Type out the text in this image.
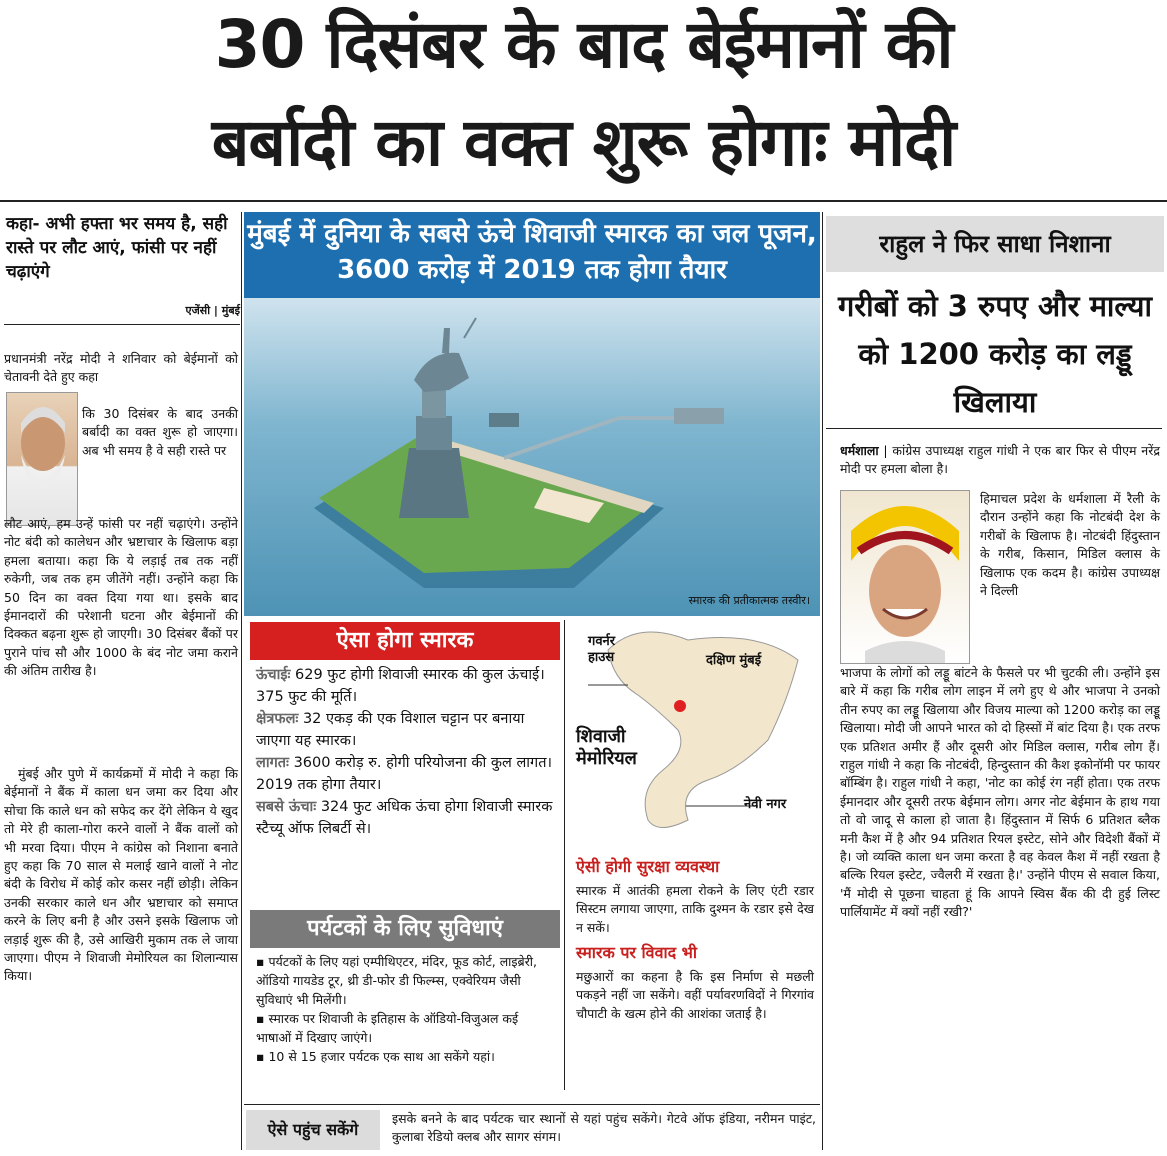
30 दिसंबर के बाद बेईमानों की
बर्बादी का वक्त शुरू होगाः मोदी
कहा- अभी हफ्ता भर समय है, सही रास्ते पर लौट आएं, फांसी पर नहीं चढ़ाएंगे
एजेंसी | मुंबई

प्रधानमंत्री नरेंद्र मोदी ने शनिवार को बेईमानों को चेतावनी देते हुए कहा

कि 30 दिसंबर के बाद उनकी बर्बादी का वक्त शुरू हो जाएगा। अब भी समय है वे सही रास्ते पर

लौट आएं, हम उन्हें फांसी पर नहीं चढ़ाएंगे। उन्होंने नोट बंदी को कालेधन और भ्रष्टाचार के खिलाफ बड़ा हमला बताया। कहा कि ये लड़ाई तब तक नहीं रुकेगी, जब तक हम जीतेंगे नहीं। उन्होंने कहा कि 50 दिन का वक्त दिया गया था। इसके बाद ईमानदारों की परेशानी घटना और बेईमानों की दिक्कत बढ़ना शुरू हो जाएगी। 30 दिसंबर बैंकों पर पुराने पांच सौ और 1000 के बंद नोट जमा कराने की अंतिम तारीख है।

मुंबई और पुणे में कार्यक्रमों में मोदी ने कहा कि बेईमानों ने बैंक में काला धन जमा कर दिया और सोचा कि काले धन को सफेद कर देंगे लेकिन ये खुद तो मेरे ही काला-गोरा करने वालों ने बैंक वालों को भी मरवा दिया। पीएम ने कांग्रेस को निशाना बनाते हुए कहा कि 70 साल से मलाई खाने वालों ने नोट बंदी के विरोध में कोई कोर कसर नहीं छोड़ी। लेकिन उनकी सरकार काले धन और भ्रष्टाचार को समाप्त करने के लिए बनी है और उसने इसके खिलाफ जो लड़ाई शुरू की है, उसे आखिरी मुकाम तक ले जाया जाएगा। पीएम ने शिवाजी मेमोरियल का शिलान्यास किया।

मुंबई में दुनिया के सबसे ऊंचे शिवाजी स्मारक का जल पूजन, 3600 करोड़ में 2019 तक होगा तैयार
स्मारक की प्रतीकात्मक तस्वीर।
ऐसा होगा स्मारक
ऊंचाईः 629 फुट होगी शिवाजी स्मारक की कुल ऊंचाई। 375 फुट की मूर्ति।
क्षेत्रफलः 32 एकड़ की एक विशाल चट्टान पर बनाया जाएगा यह स्मारक।
लागतः 3600 करोड़ रु. होगी परियोजना की कुल लागत। 2019 तक होगा तैयार।
सबसे ऊंचाः 324 फुट अधिक ऊंचा होगा शिवाजी स्मारक स्टैच्यू ऑफ लिबर्टी से।
पर्यटकों के लिए सुविधाएं
▪ पर्यटकों के लिए यहां एम्पीथिएटर, मंदिर, फूड कोर्ट, लाइब्रेरी, ऑडियो गायडेड टूर, थ्री डी-फोर डी फिल्म्स, एक्वेरियम जैसी सुविधाएं भी मिलेंगी।
▪ स्मारक पर शिवाजी के इतिहास के ऑडियो-विजुअल कई भाषाओं में दिखाए जाएंगे।
▪ 10 से 15 हजार पर्यटक एक साथ आ सकेंगे यहां।
गवर्नर हाउस	दक्षिण मुंबई
शिवाजी मेमोरियल
नेवी नगर
ऐसी होगी सुरक्षा व्यवस्था

स्मारक में आतंकी हमला रोकने के लिए एंटी रडार सिस्टम लगाया जाएगा, ताकि दुश्मन के रडार इसे देख न सकें।

स्मारक पर विवाद भी

मछुआरों का कहना है कि इस निर्माण से मछली पकड़ने नहीं जा सकेंगे। वहीं पर्यावरणविदों ने गिरगांव चौपाटी के खत्म होने की आशंका जताई है।

ऐसे पहुंच सकेंगे

इसके बनने के बाद पर्यटक चार स्थानों से यहां पहुंच सकेंगे। गेटवे ऑफ इंडिया, नरीमन पाइंट, कुलाबा रेडियो क्लब और सागर संगम।

राहुल ने फिर साधा निशाना
गरीबों को 3 रुपए और माल्या को 1200 करोड़ का लड्डू खिलाया

धर्मशाला | कांग्रेस उपाध्यक्ष राहुल गांधी ने एक बार फिर से पीएम नरेंद्र मोदी पर हमला बोला है।

हिमाचल प्रदेश के धर्मशाला में रैली के दौरान उन्होंने कहा कि नोटबंदी देश के गरीबों के खिलाफ है। नोटबंदी हिंदुस्तान के गरीब, किसान, मिडिल क्लास के खिलाफ एक कदम है। कांग्रेस उपाध्यक्ष ने दिल्ली

भाजपा के लोगों को लड्डू बांटने के फैसले पर भी चुटकी ली। उन्होंने इस बारे में कहा कि गरीब लोग लाइन में लगे हुए थे और भाजपा ने उनको तीन रुपए का लड्डू खिलाया और विजय माल्या को 1200 करोड़ का लड्डू खिलाया। मोदी जी आपने भारत को दो हिस्सों में बांट दिया है। एक तरफ एक प्रतिशत अमीर हैं और दूसरी ओर मिडिल क्लास, गरीब लोग हैं। राहुल गांधी ने कहा कि नोटबंदी, हिन्दुस्तान की कैश इकोनॉमी पर फायर बॉम्बिंग है। राहुल गांधी ने कहा, 'नोट का कोई रंग नहीं होता। एक तरफ ईमानदार और दूसरी तरफ बेईमान लोग। अगर नोट बेईमान के हाथ गया तो वो जादू से काला हो जाता है। हिंदुस्तान में सिर्फ 6 प्रतिशत ब्लैक मनी कैश में है और 94 प्रतिशत रियल इस्टेट, सोने और विदेशी बैंकों में है। जो व्यक्ति काला धन जमा करता है वह केवल कैश में नहीं रखता है बल्कि रियल इस्टेट, ज्वैलरी में रखता है।' उन्होंने पीएम से सवाल किया, 'मैं मोदी से पूछना चाहता हूं कि आपने स्विस बैंक की दी हुई लिस्ट पार्लियामेंट में क्यों नहीं रखी?'
